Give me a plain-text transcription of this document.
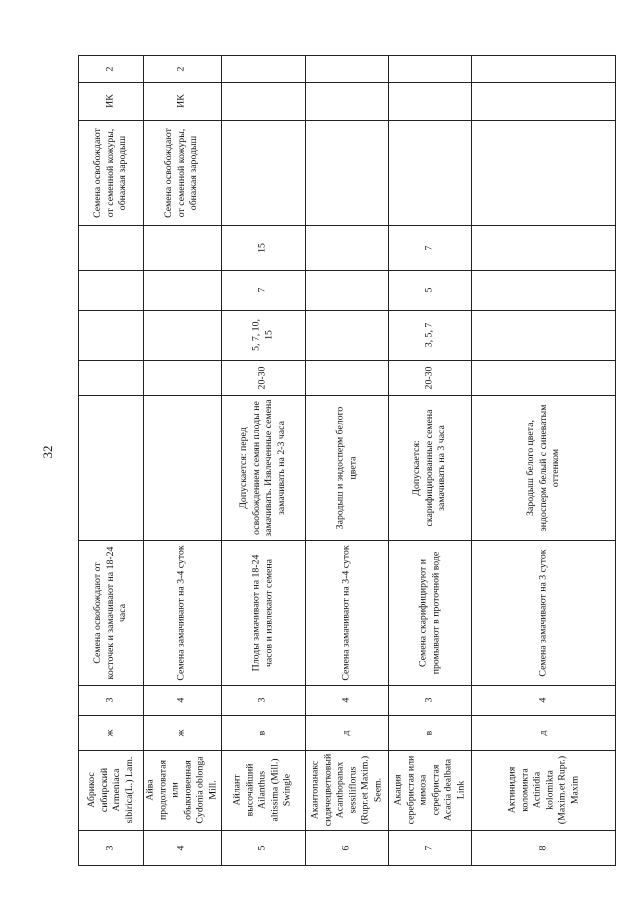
32
3
Абрикос сибирский Armeniaca sibirica(L.) Lam.
ж
3
Семена освобождают от косточек и замачивают на 18-24 часа
Семена освобождают от семенной кожуры, обнажая зародыш
ИК
2
4
Айва продолговатая или обыкновенная Cydonia oblonga Mill.
ж
4
Семена замачивают на 3-4 суток
Семена освобождают от семенной кожуры, обнажая зародыш
ИК
2
5
Айлант высочайший Ailanthus altissima (Mill.) Swingle
в
3
Плоды замачивают на 18-24 часов и извлекают семена
Допускается: перед освобождением семян плоды не замачивать. Извлеченные семена замачивать на 2-3 часа
20-30
5, 7, 10, 15
7
15
6
Акантопанакс сидячецветковый Acanthopanax sessiliflorus (Rupr.et Maxim.) Seem.
д
4
Семена замачивают на 3-4 суток
Зародыш и эндосперм белого цвета
7
Акация серебристая или мимоза серебристая Acacia dealbata Link
в
3
Семена скарифицируют и промывают в проточной воде
Допускается: скарифицированные семена замачивать на 3 часа
20-30
3, 5, 7
5
7
8
Актинидия коломикта Actinidia kolomikta (Maxim.et Rupr.) Maxim
д
4
Семена замачивают на 3 суток
Зародыш белого цвета, эндосперм белый с синеватым оттенком
